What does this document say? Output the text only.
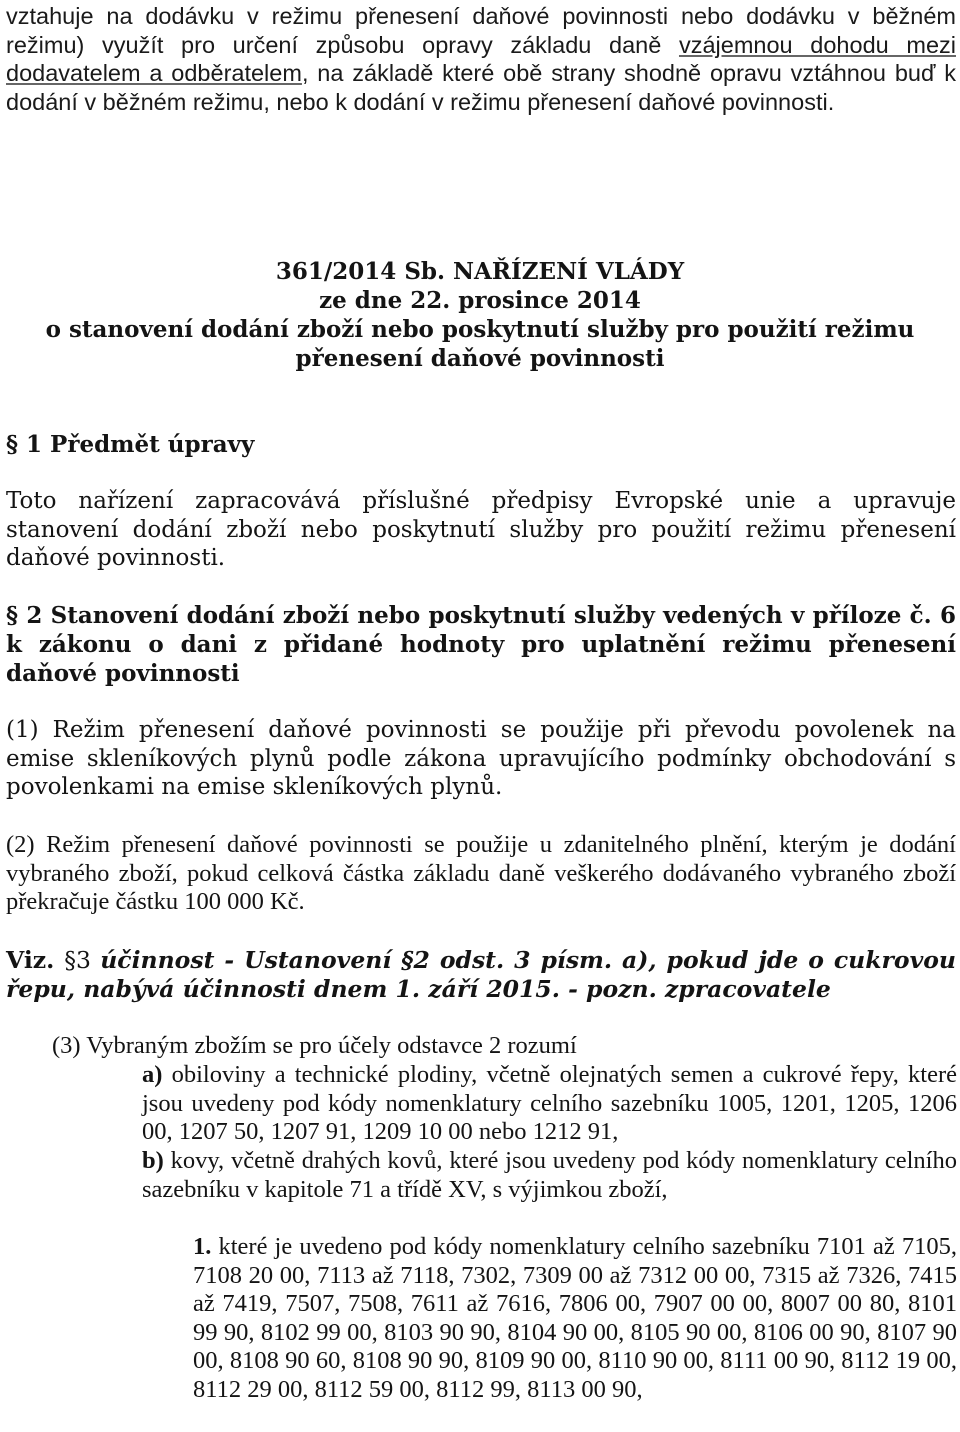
vztahuje na dodávku v režimu přenesení daňové povinnosti nebo dodávku v běžném režimu) využít pro určení způsobu opravy základu daně vzájemnou dohodu mezi dodavatelem a odběratelem, na základě které obě strany shodně opravu vztáhnou buď k dodání v běžném režimu, nebo k dodání v režimu přenesení daňové povinnosti.

361/2014 Sb. NAŘÍZENÍ VLÁDY
ze dne 22. prosince 2014
o stanovení dodání zboží nebo poskytnutí služby pro použití režimu
přenesení daňové povinnosti

§ 1 Předmět úpravy

Toto nařízení zapracovává příslušné předpisy Evropské unie a upravuje stanovení dodání zboží nebo poskytnutí služby pro použití režimu přenesení daňové povinnosti.

§ 2 Stanovení dodání zboží nebo poskytnutí služby vedených v příloze č. 6 k zákonu o dani z přidané hodnoty pro uplatnění režimu přenesení daňové povinnosti

(1) Režim přenesení daňové povinnosti se použije při převodu povolenek na emise skleníkových plynů podle zákona upravujícího podmínky obchodování s povolenkami na emise skleníkových plynů.

(2) Režim přenesení daňové povinnosti se použije u zdanitelného plnění, kterým je dodání vybraného zboží, pokud celková částka základu daně veškerého dodávaného vybraného zboží překračuje částku 100 000 Kč.

Viz. §3 účinnost - Ustanovení §2 odst. 3 písm. a), pokud jde o cukrovou řepu, nabývá účinnosti dnem 1. září 2015. - pozn. zpracovatele

(3) Vybraným zbožím se pro účely odstavce 2 rozumí

a) obiloviny a technické plodiny, včetně olejnatých semen a cukrové řepy, které jsou uvedeny pod kódy nomenklatury celního sazebníku 1005, 1201, 1205, 1206 00, 1207 50, 1207 91, 1209 10 00 nebo 1212 91,

b) kovy, včetně drahých kovů, které jsou uvedeny pod kódy nomenklatury celního sazebníku v kapitole 71 a třídě XV, s výjimkou zboží,

1. které je uvedeno pod kódy nomenklatury celního sazebníku 7101 až 7105, 7108 20 00, 7113 až 7118, 7302, 7309 00 až 7312 00 00, 7315 až 7326, 7415 až 7419, 7507, 7508, 7611 až 7616, 7806 00, 7907 00 00, 8007 00 80, 8101 99 90, 8102 99 00, 8103 90 90, 8104 90 00, 8105 90 00, 8106 00 90, 8107 90 00, 8108 90 60, 8108 90 90, 8109 90 00, 8110 90 00, 8111 00 90, 8112 19 00, 8112 29 00, 8112 59 00, 8112 99, 8113 00 90,
